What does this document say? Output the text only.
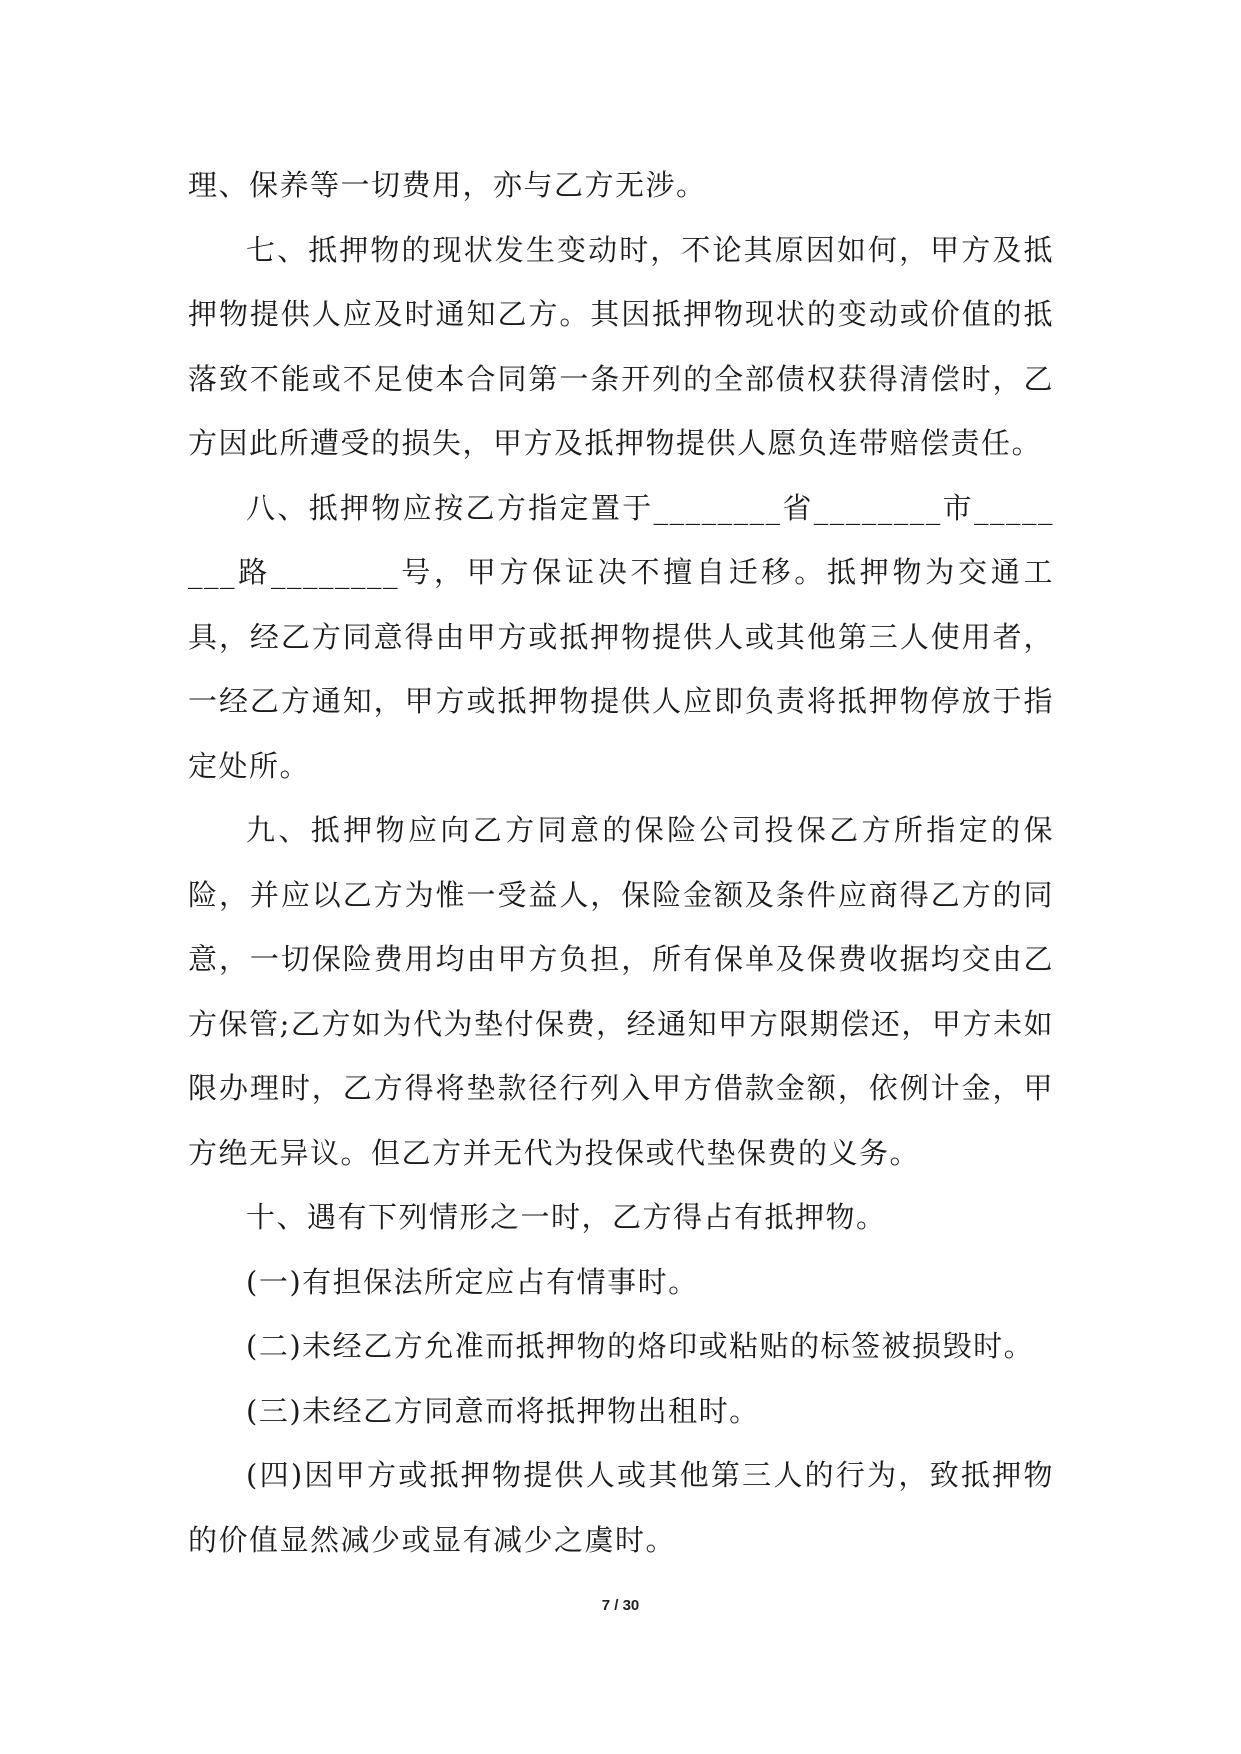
理、保养等一切费用，亦与乙方无涉。

七、抵押物的现状发生变动时，不论其原因如何，甲方及抵押物提供人应及时通知乙方。其因抵押物现状的变动或价值的抵落致不能或不足使本合同第一条开列的全部债权获得清偿时，乙方因此所遭受的损失，甲方及抵押物提供人愿负连带赔偿责任。

八、抵押物应按乙方指定置于________省________市________路________号，甲方保证决不擅自迁移。抵押物为交通工具，经乙方同意得由甲方或抵押物提供人或其他第三人使用者，一经乙方通知，甲方或抵押物提供人应即负责将抵押物停放于指定处所。

九、抵押物应向乙方同意的保险公司投保乙方所指定的保险，并应以乙方为惟一受益人，保险金额及条件应商得乙方的同意，一切保险费用均由甲方负担，所有保单及保费收据均交由乙方保管;乙方如为代为垫付保费，经通知甲方限期偿还，甲方未如限办理时，乙方得将垫款径行列入甲方借款金额，依例计金，甲方绝无异议。但乙方并无代为投保或代垫保费的义务。

十、遇有下列情形之一时，乙方得占有抵押物。

(一)有担保法所定应占有情事时。

(二)未经乙方允准而抵押物的烙印或粘贴的标签被损毁时。

(三)未经乙方同意而将抵押物出租时。

(四)因甲方或抵押物提供人或其他第三人的行为，致抵押物的价值显然减少或显有减少之虞时。

7 / 30
